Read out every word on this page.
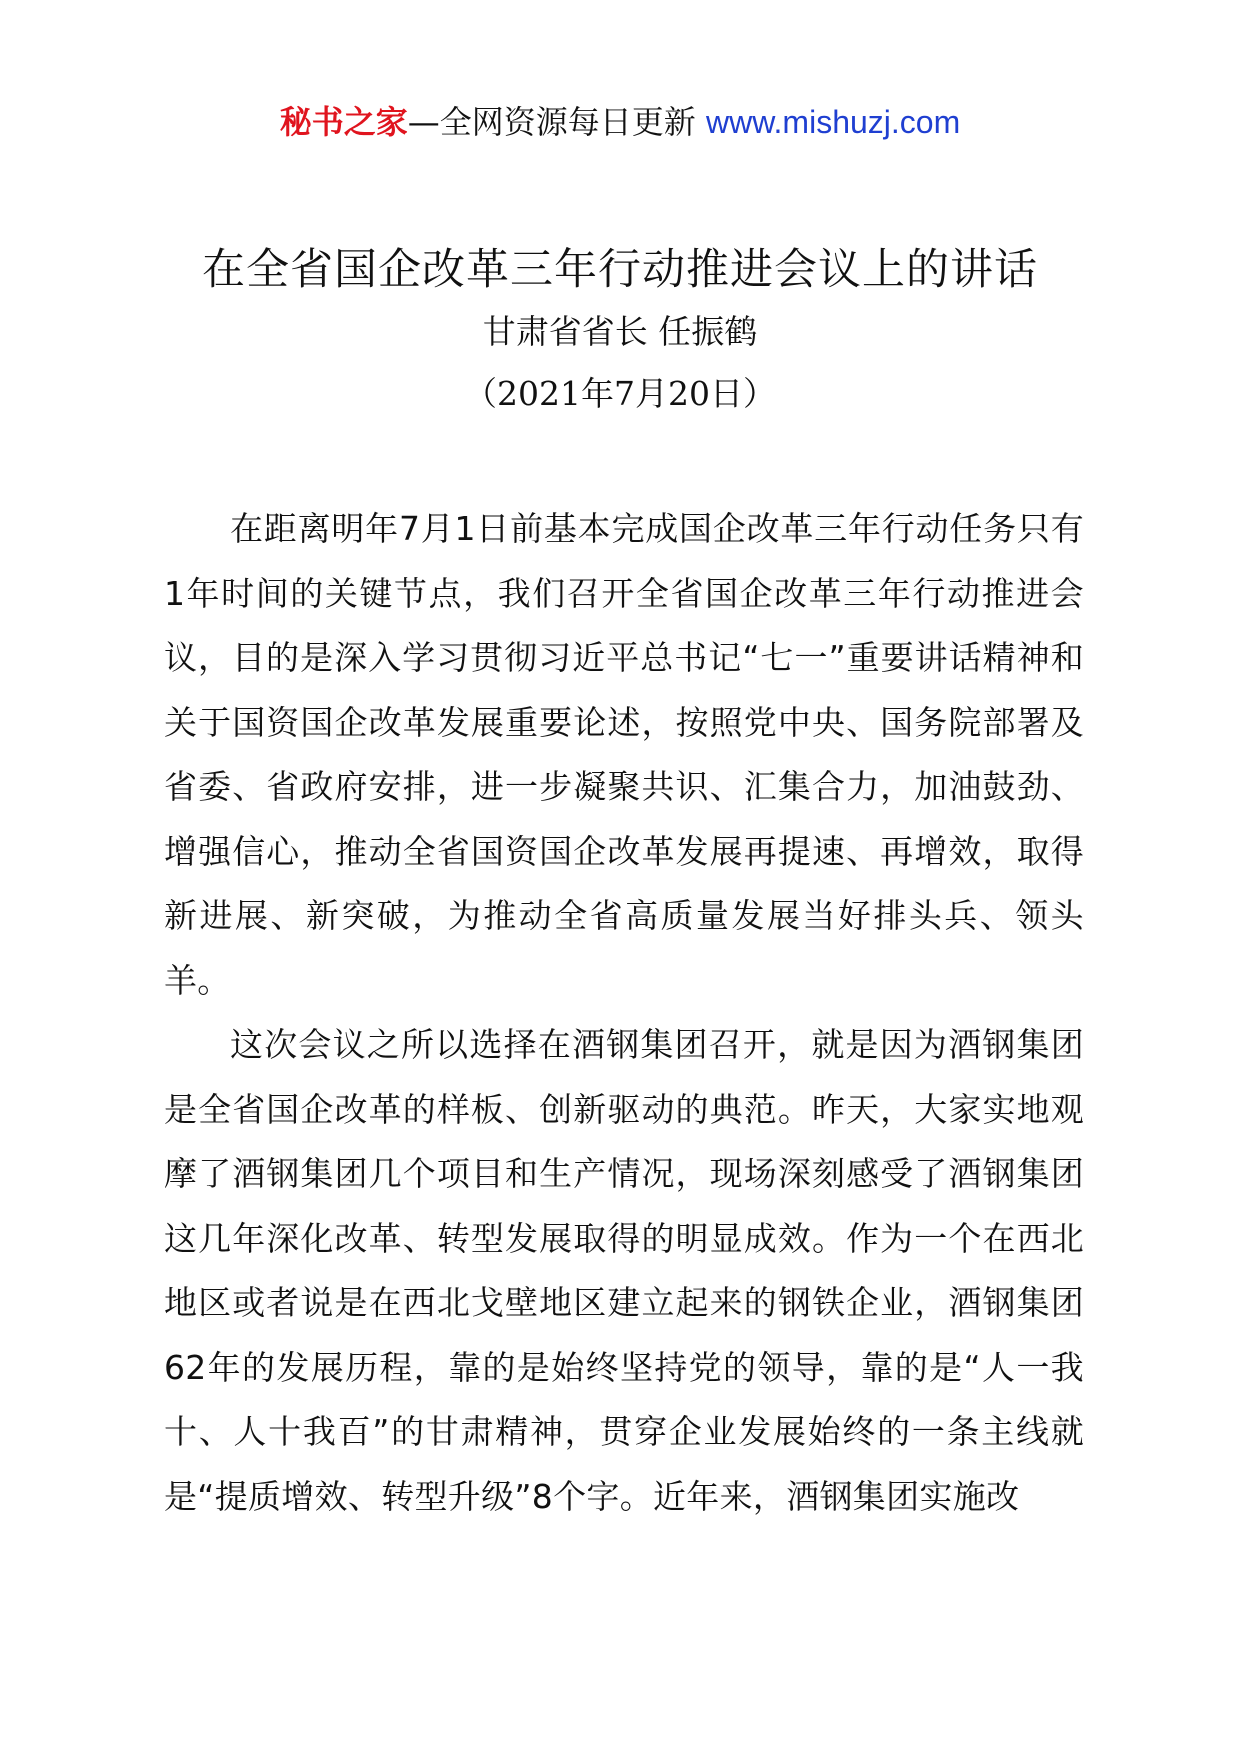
秘书之家—全网资源每日更新 www.mishuzj.com
在全省国企改革三年行动推进会议上的讲话
甘肃省省长 任振鹤
（2021年7月20日）

在距离明年7月1日前基本完成国企改革三年行动任务只有1年时间的关键节点，我们召开全省国企改革三年行动推进会议，目的是深入学习贯彻习近平总书记“七一”重要讲话精神和关于国资国企改革发展重要论述，按照党中央、国务院部署及省委、省政府安排，进一步凝聚共识、汇集合力，加油鼓劲、增强信心，推动全省国资国企改革发展再提速、再增效，取得新进展、新突破，为推动全省高质量发展当好排头兵、领头羊。

这次会议之所以选择在酒钢集团召开，就是因为酒钢集团是全省国企改革的样板、创新驱动的典范。昨天，大家实地观摩了酒钢集团几个项目和生产情况，现场深刻感受了酒钢集团这几年深化改革、转型发展取得的明显成效。作为一个在西北地区或者说是在西北戈壁地区建立起来的钢铁企业，酒钢集团62年的发展历程，靠的是始终坚持党的领导，靠的是“人一我十、人十我百”的甘肃精神，贯穿企业发展始终的一条主线就是“提质增效、转型升级”8个字。近年来，酒钢集团实施改
